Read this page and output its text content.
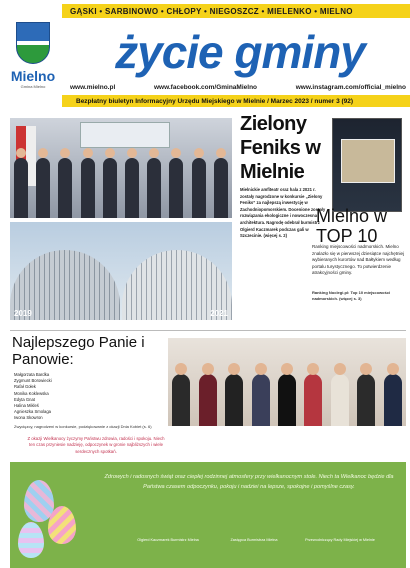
GĄSKI • SARBINOWO • CHŁOPY • NIEGOSZCZ • MIELENKO • MIELNO
Mielno
Gmina Mielno
życie gminy
www.mielno.pl	www.facebook.com/GminaMielno	www.instagram.com/official_mielno
Bezpłatny biuletyn Informacyjny Urzędu Miejskiego w Mielnie / Marzec 2023 / numer 3 (92)
2019	2021
Zielony Feniks w Mielnie
Mielnickie amfiteatr oraz hala z 2021 r. zostały nagrodzone w konkursie „Zielony Feniks” za najlepszą inwestycję w Zachodniopomorskiem. Docenione zostały rozwiązania ekologiczne i nowoczesna architektura. Nagrodę odebrał burmistrz Olgierd Kaczmarek podczas gali w Szczecinie. (więcej s. 2)
Mielno w TOP 10
Ranking miejscowości nadmorskich. Mielno znalazło się w pierwszej dziesiątce najchętniej wybieranych kurortów nad Bałtykiem według portalu turystycznego. To potwierdzenie atrakcyjności gminy.
Ranking Noclegi.pl: Top 10 miejscowości nadmorskich. (więcej s. 3)
Najlepszego Panie i Panowie:
Małgorzata Bardka
Zygmunt Borowiecki
Rafał Gołek
Monika Koklewska
Edyta Gnat
Halina Mikleś
Agnieszka Smolaga
Iwona Skowron
Zwycięzcy, nagrodzeni w konkursie, podziękowanie z okazji Dnia Kobiet (s. 6)
Z okazji Wielkanocy życzymy Państwu zdrowia, radości i spokoju. Niech ten czas przyniesie nadzieję, odpoczynek w gronie najbliższych i wiele serdecznych spotkań.
Zdrowych i radosnych świąt oraz ciepłej rodzinnej atmosfery przy wielkanocnym stole. Niech ta Wielkanoc będzie dla Państwa czasem odpoczynku, pokoju i nadziei na lepsze, spokojne i pomyślne czasy.
Olgierd Kaczmarek Burmistrz Mielna	Zastępca Burmistrza Mielna	Przewodniczący Rady Miejskiej w Mielnie
